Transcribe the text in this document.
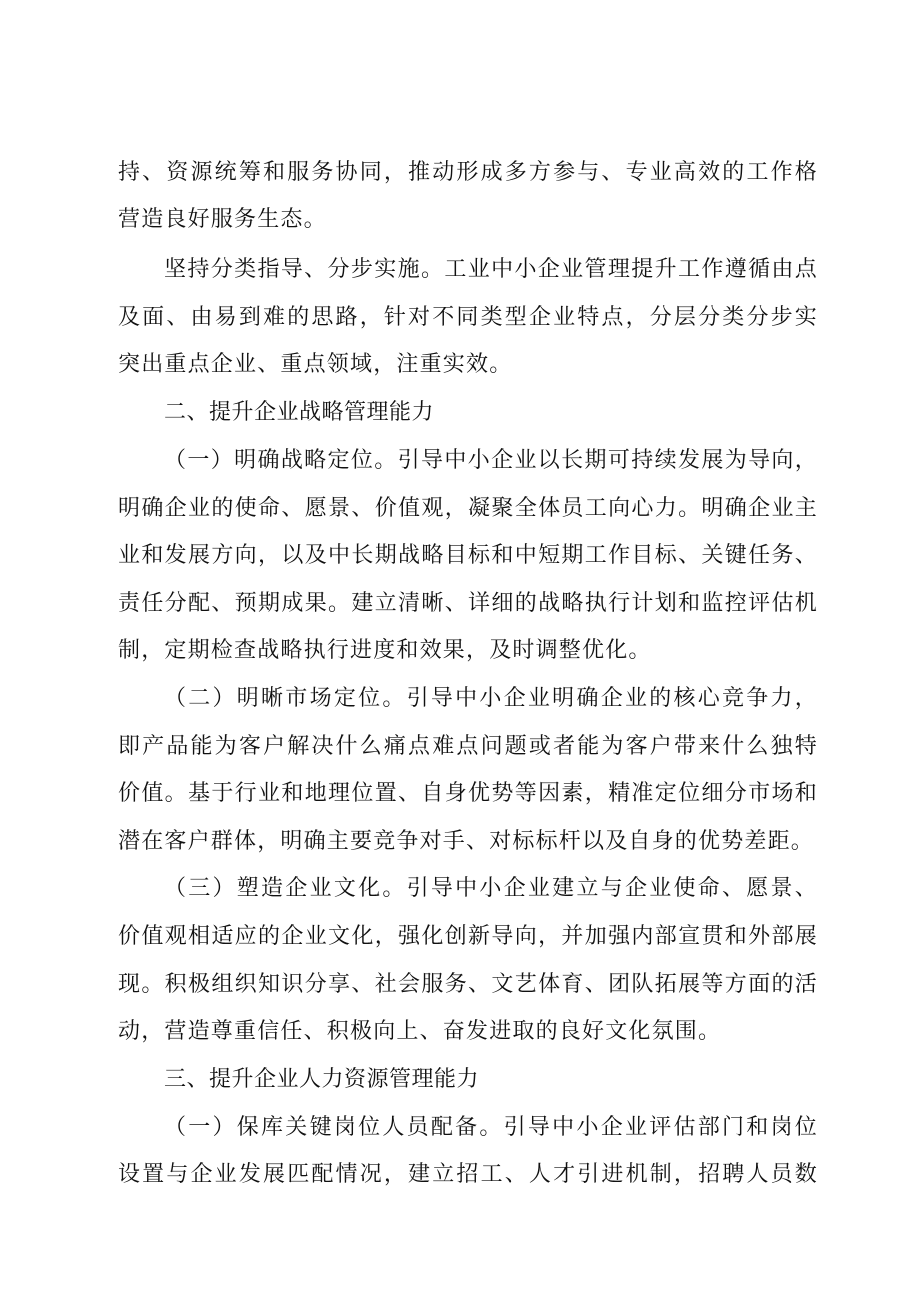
持、资源统筹和服务协同，推动形成多方参与、专业高效的工作格
营造良好服务生态。
坚持分类指导、分步实施。工业中小企业管理提升工作遵循由点
及面、由易到难的思路，针对不同类型企业特点，分层分类分步实
突出重点企业、重点领域，注重实效。
二、提升企业战略管理能力
（一）明确战略定位。引导中小企业以长期可持续发展为导向，
明确企业的使命、愿景、价值观，凝聚全体员工向心力。明确企业主
业和发展方向，以及中长期战略目标和中短期工作目标、关键任务、
责任分配、预期成果。建立清晰、详细的战略执行计划和监控评估机
制，定期检查战略执行进度和效果，及时调整优化。
（二）明晰市场定位。引导中小企业明确企业的核心竞争力，
即产品能为客户解决什么痛点难点问题或者能为客户带来什么独特
价值。基于行业和地理位置、自身优势等因素，精准定位细分市场和
潜在客户群体，明确主要竞争对手、对标标杆以及自身的优势差距。
（三）塑造企业文化。引导中小企业建立与企业使命、愿景、
价值观相适应的企业文化，强化创新导向，并加强内部宣贯和外部展
现。积极组织知识分享、社会服务、文艺体育、团队拓展等方面的活
动，营造尊重信任、积极向上、奋发进取的良好文化氛围。
三、提升企业人力资源管理能力
（一）保库关键岗位人员配备。引导中小企业评估部门和岗位
设置与企业发展匹配情况，建立招工、人才引进机制，招聘人员数
